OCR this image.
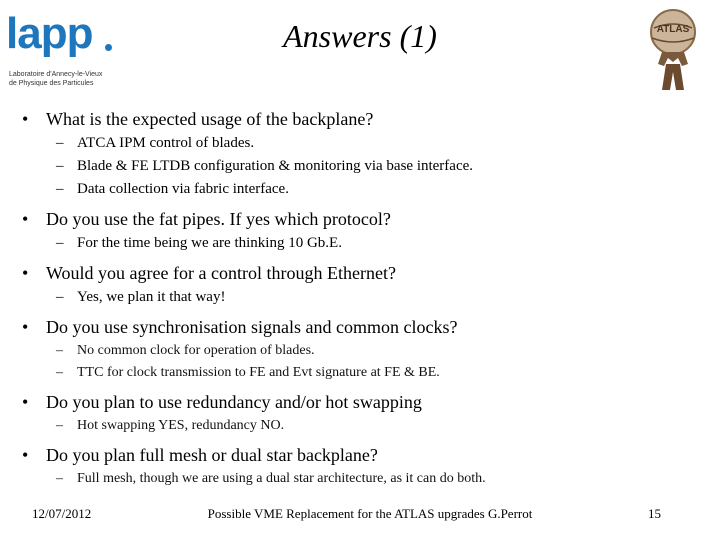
lapp
Laboratoire d'Annecy-le-Vieux
de Physique des Particules
ATLAS
Answers (1)
• What is the expected usage of the backplane?
– ATCA IPM control of blades.
– Blade & FE LTDB configuration & monitoring via base interface.
– Data collection via fabric interface.
• Do you use the fat pipes. If yes which protocol?
– For the time being we are thinking 10 Gb.E.
• Would you agree for a control through Ethernet?
– Yes, we plan it that way!
• Do you use synchronisation signals and common clocks?
– No common clock for operation of blades.
– TTC for clock transmission to FE and Evt signature at FE & BE.
• Do you plan to use redundancy and/or hot swapping
– Hot swapping YES, redundancy NO.
• Do you plan full mesh or dual star backplane?
– Full mesh, though we are using a dual star architecture, as it can do both.
12/07/2012	Possible VME Replacement for the ATLAS upgrades G.Perrot	15
